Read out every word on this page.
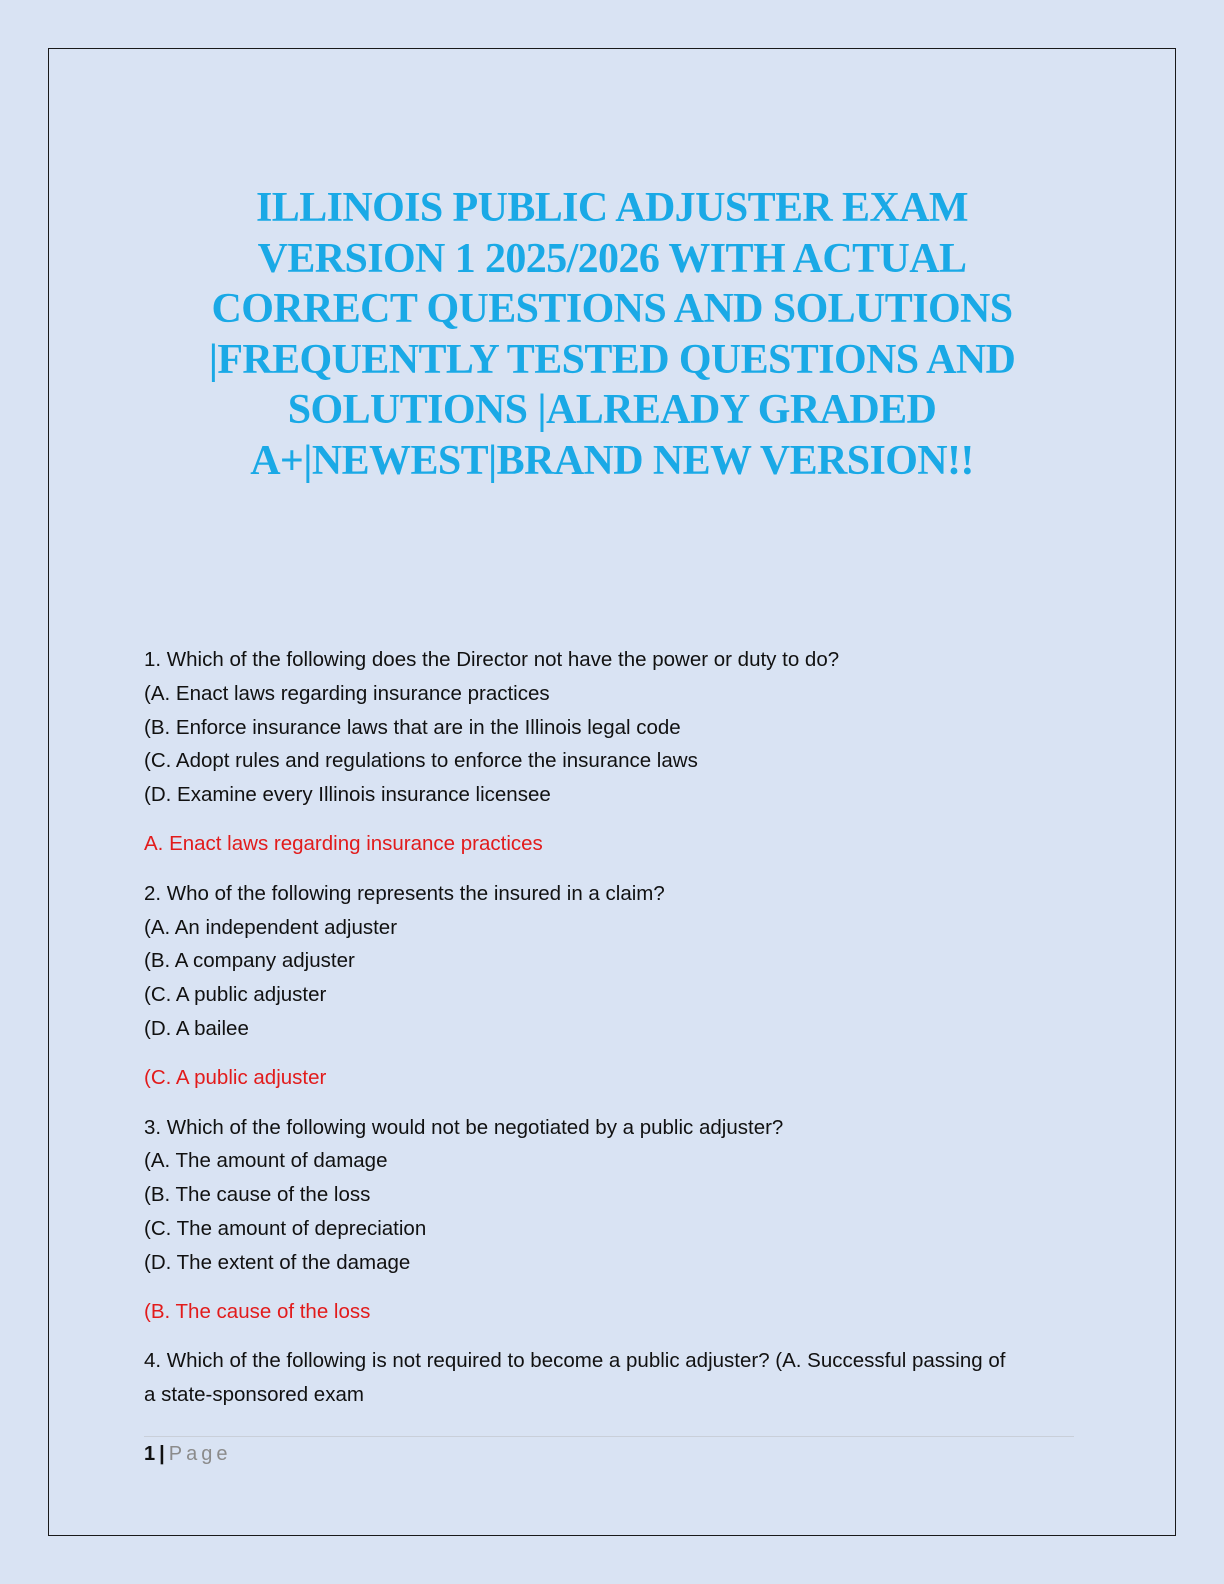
ILLINOIS PUBLIC ADJUSTER EXAM
VERSION 1 2025/2026 WITH ACTUAL
CORRECT QUESTIONS AND SOLUTIONS
|FREQUENTLY TESTED QUESTIONS AND
SOLUTIONS |ALREADY GRADED
A+|NEWEST|BRAND NEW VERSION!!
1. Which of the following does the Director not have the power or duty to do?
(A. Enact laws regarding insurance practices
(B. Enforce insurance laws that are in the Illinois legal code
(C. Adopt rules and regulations to enforce the insurance laws
(D. Examine every Illinois insurance licensee
A. Enact laws regarding insurance practices
2. Who of the following represents the insured in a claim?
(A. An independent adjuster
(B. A company adjuster
(C. A public adjuster
(D. A bailee
(C. A public adjuster
3. Which of the following would not be negotiated by a public adjuster?
(A. The amount of damage
(B. The cause of the loss
(C. The amount of depreciation
(D. The extent of the damage
(B. The cause of the loss
4. Which of the following is not required to become a public adjuster? (A. Successful passing of
a state-sponsored exam
1 | Page
